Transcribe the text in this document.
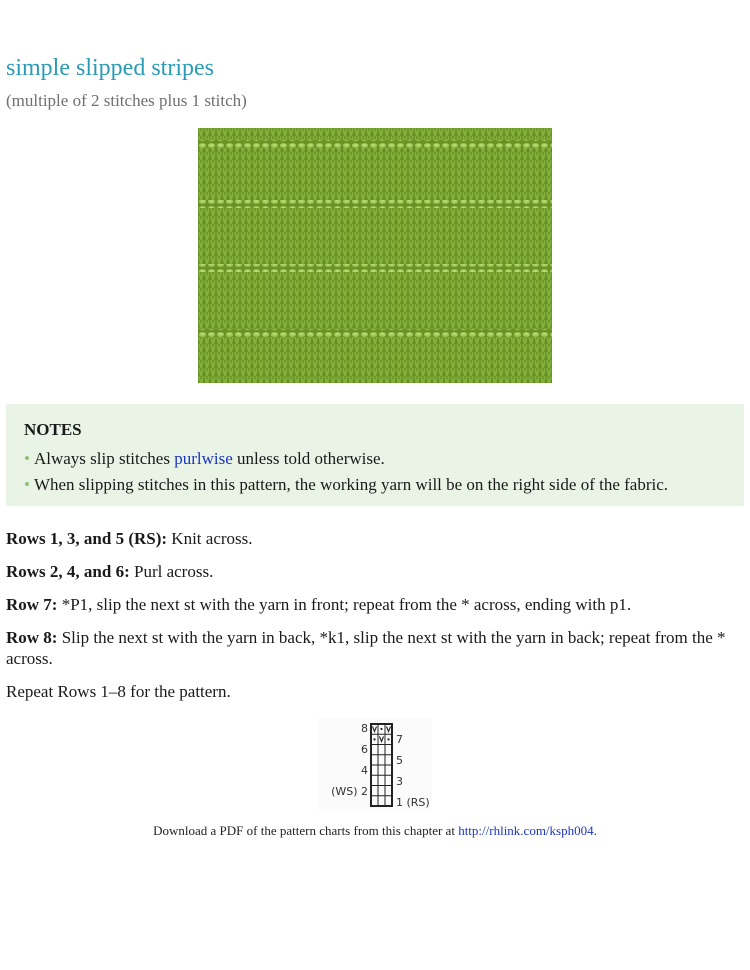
simple slipped stripes
(multiple of 2 stitches plus 1 stitch)
NOTES
• Always slip stitches purlwise unless told otherwise.
• When slipping stitches in this pattern, the working yarn will be on the right side of the fabric.

Rows 1, 3, and 5 (RS): Knit across.

Rows 2, 4, and 6: Purl across.

Row 7: *P1, slip the next st with the yarn in front; repeat from the * across, ending with p1.

Row 8: Slip the next st with the yarn in back, *k1, slip the next st with the yarn in back; repeat from the * across.

Repeat Rows 1–8 for the pattern.

8
6
4
(WS) 2
7
5
3
1 (RS)
Download a PDF of the pattern charts from this chapter at http://rhlink.com/ksph004.
